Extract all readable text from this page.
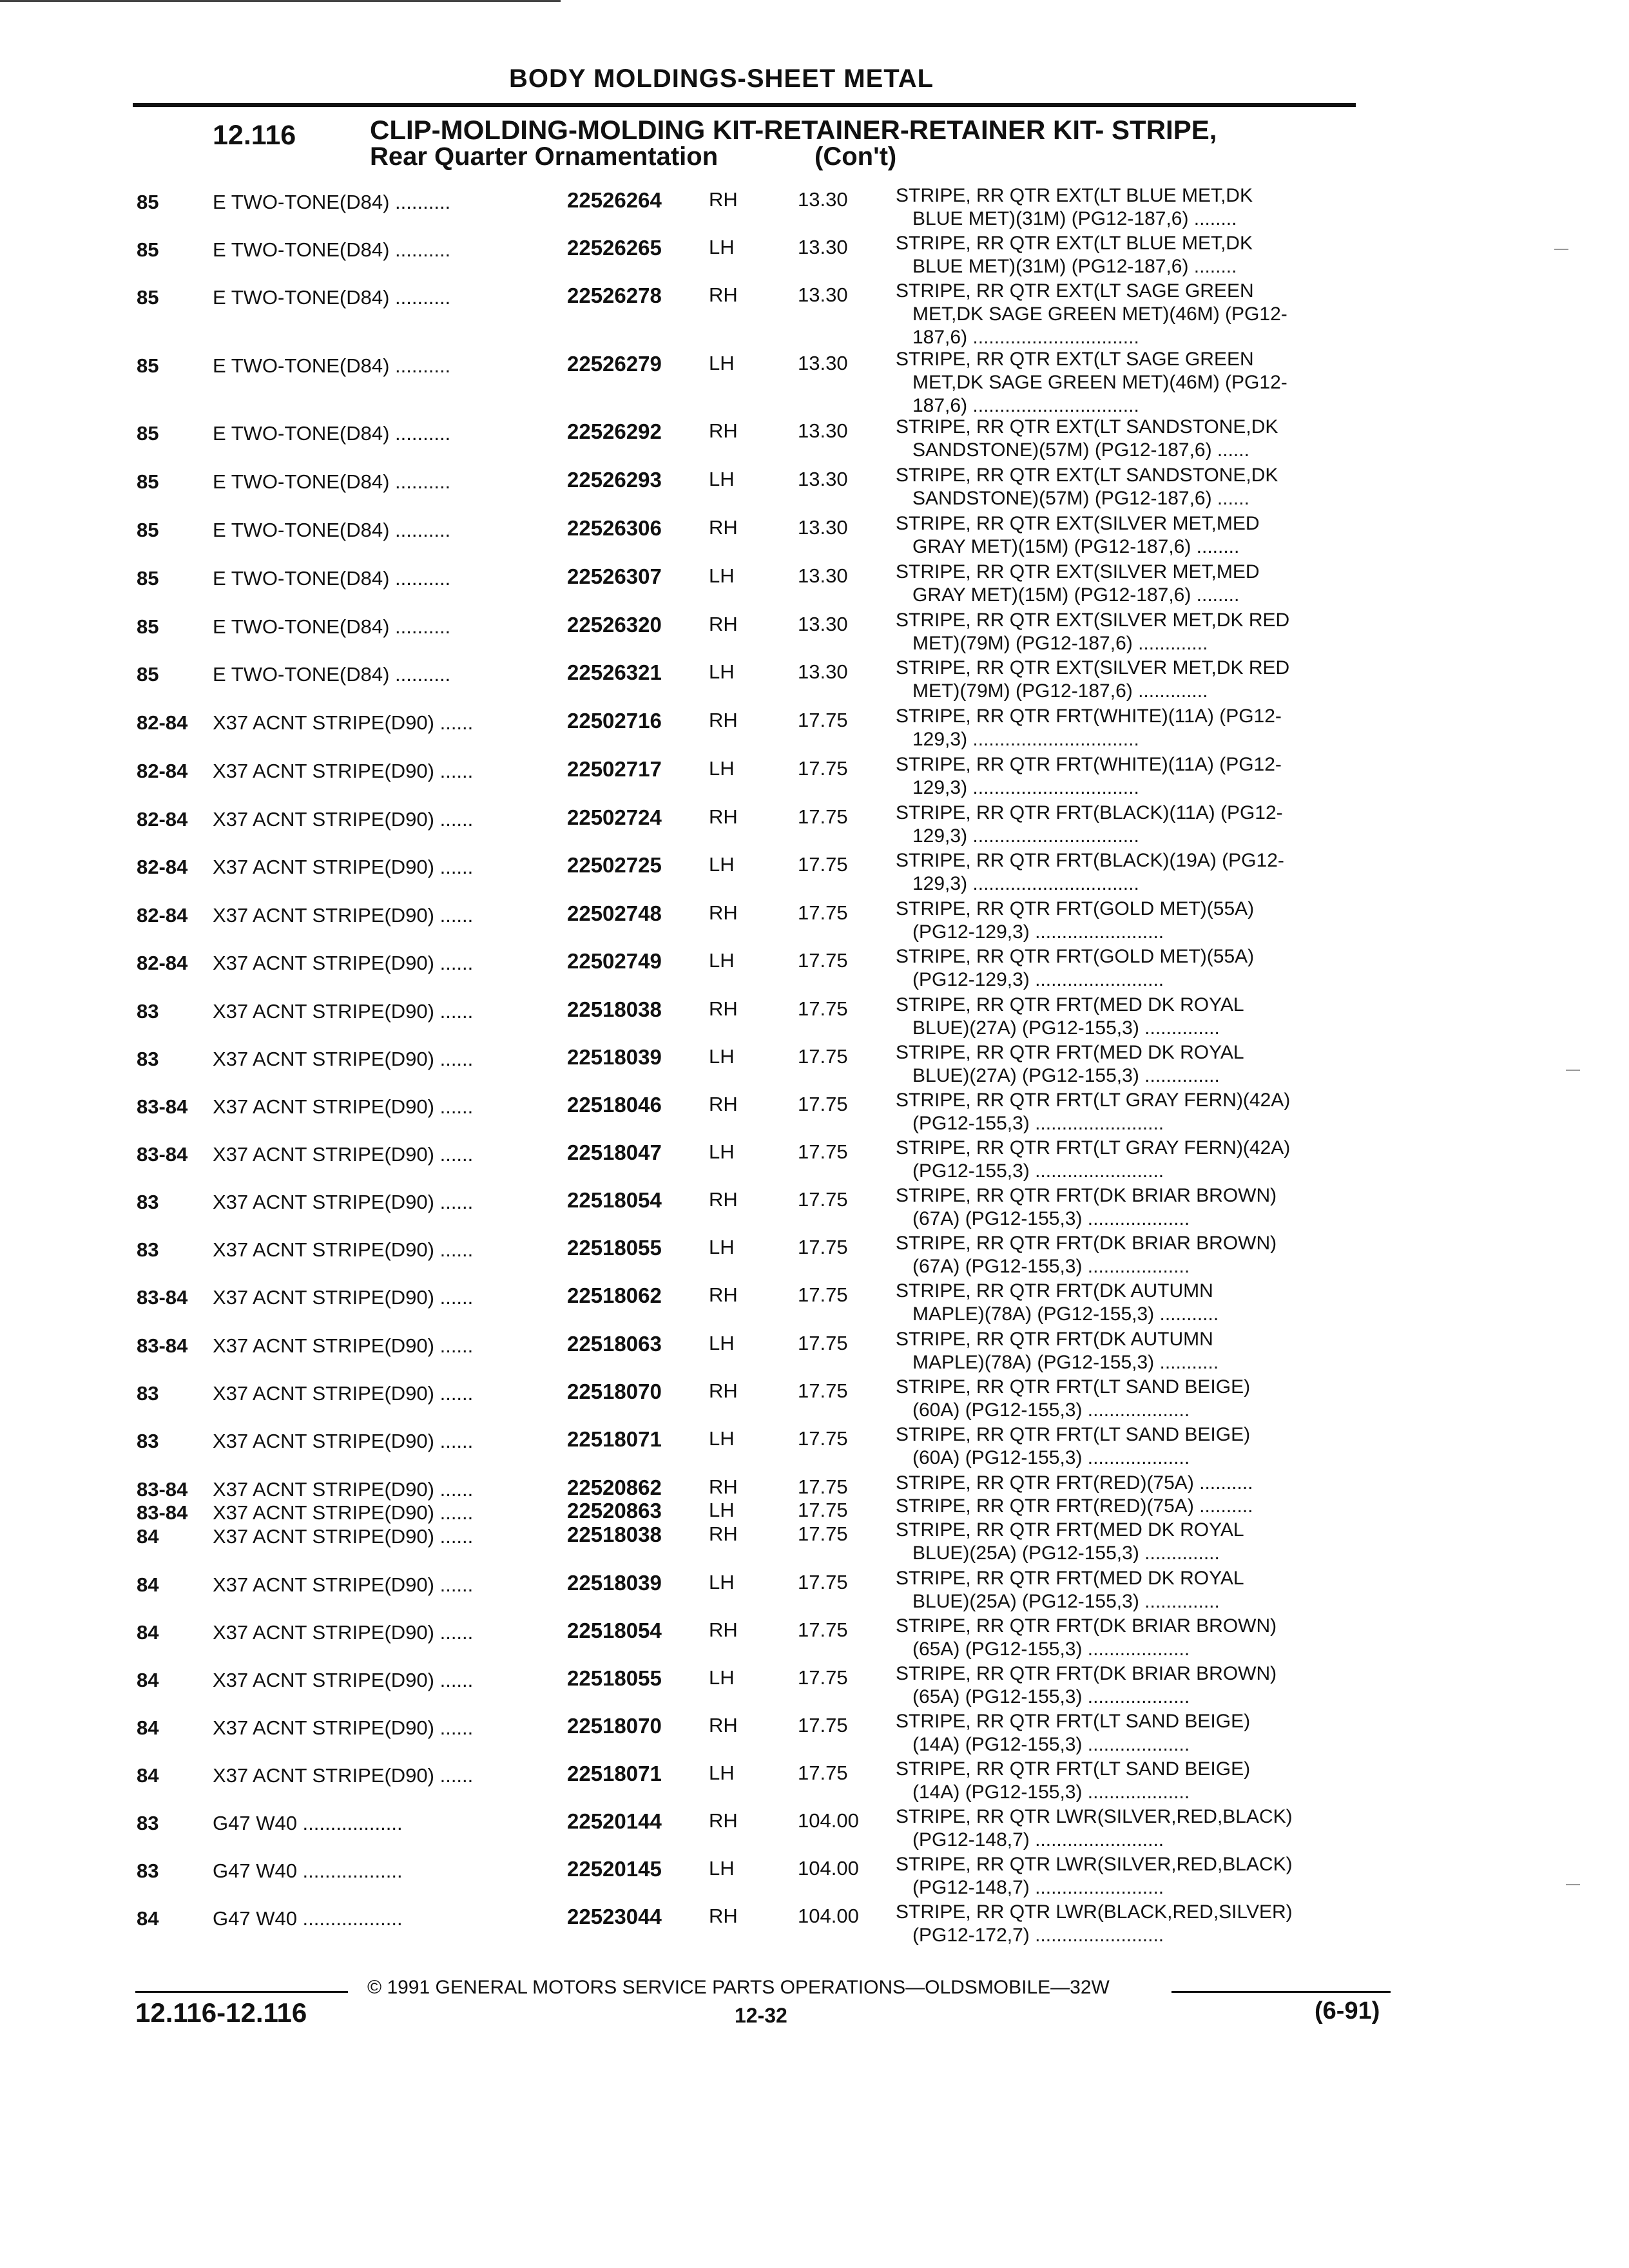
BODY MOLDINGS-SHEET METAL
12.116	CLIP-MOLDING-MOLDING KIT-RETAINER-RETAINER KIT- STRIPE,
Rear Quarter Ornamentation	(Con't)
85	E TWO-TONE(D84) ..........	22526264 RH	13.30 STRIPE, RR QTR EXT(LT BLUE MET,DK
BLUE MET)(31M) (PG12-187,6) ........
85	E TWO-TONE(D84) ..........	22526265 LH	13.30 STRIPE, RR QTR EXT(LT BLUE MET,DK
BLUE MET)(31M) (PG12-187,6) ........
85	E TWO-TONE(D84) ..........	22526278 RH	13.30 STRIPE, RR QTR EXT(LT SAGE GREEN
MET,DK SAGE GREEN MET)(46M) (PG12-
187,6) ...............................
85	E TWO-TONE(D84) ..........	22526279 LH	13.30 STRIPE, RR QTR EXT(LT SAGE GREEN
MET,DK SAGE GREEN MET)(46M) (PG12-
187,6) ...............................
85	E TWO-TONE(D84) ..........	22526292 RH	13.30 STRIPE, RR QTR EXT(LT SANDSTONE,DK
SANDSTONE)(57M) (PG12-187,6) ......
85	E TWO-TONE(D84) ..........	22526293 LH	13.30 STRIPE, RR QTR EXT(LT SANDSTONE,DK
SANDSTONE)(57M) (PG12-187,6) ......
85	E TWO-TONE(D84) ..........	22526306 RH	13.30 STRIPE, RR QTR EXT(SILVER MET,MED
GRAY MET)(15M) (PG12-187,6) ........
85	E TWO-TONE(D84) ..........	22526307 LH	13.30 STRIPE, RR QTR EXT(SILVER MET,MED
GRAY MET)(15M) (PG12-187,6) ........
85	E TWO-TONE(D84) ..........	22526320 RH	13.30 STRIPE, RR QTR EXT(SILVER MET,DK RED
MET)(79M) (PG12-187,6) .............
85	E TWO-TONE(D84) ..........	22526321 LH	13.30 STRIPE, RR QTR EXT(SILVER MET,DK RED
MET)(79M) (PG12-187,6) .............
82-84 X37 ACNT STRIPE(D90) ......	22502716 RH	17.75 STRIPE, RR QTR FRT(WHITE)(11A) (PG12-
129,3) ...............................
82-84 X37 ACNT STRIPE(D90) ......	22502717 LH	17.75 STRIPE, RR QTR FRT(WHITE)(11A) (PG12-
129,3) ...............................
82-84 X37 ACNT STRIPE(D90) ......	22502724 RH	17.75 STRIPE, RR QTR FRT(BLACK)(11A) (PG12-
129,3) ...............................
82-84 X37 ACNT STRIPE(D90) ......	22502725 LH	17.75 STRIPE, RR QTR FRT(BLACK)(19A) (PG12-
129,3) ...............................
82-84 X37 ACNT STRIPE(D90) ......	22502748 RH	17.75 STRIPE, RR QTR FRT(GOLD MET)(55A)
(PG12-129,3) ........................
82-84 X37 ACNT STRIPE(D90) ......	22502749 LH	17.75 STRIPE, RR QTR FRT(GOLD MET)(55A)
(PG12-129,3) ........................
83	X37 ACNT STRIPE(D90) ......	22518038 RH	17.75 STRIPE, RR QTR FRT(MED DK ROYAL
BLUE)(27A) (PG12-155,3) ..............
83	X37 ACNT STRIPE(D90) ......	22518039 LH	17.75 STRIPE, RR QTR FRT(MED DK ROYAL
BLUE)(27A) (PG12-155,3) ..............
83-84 X37 ACNT STRIPE(D90) ......	22518046 RH	17.75 STRIPE, RR QTR FRT(LT GRAY FERN)(42A)
(PG12-155,3) ........................
83-84 X37 ACNT STRIPE(D90) ......	22518047 LH	17.75 STRIPE, RR QTR FRT(LT GRAY FERN)(42A)
(PG12-155,3) ........................
83	X37 ACNT STRIPE(D90) ......	22518054 RH	17.75 STRIPE, RR QTR FRT(DK BRIAR BROWN)
(67A) (PG12-155,3) ...................
83	X37 ACNT STRIPE(D90) ......	22518055 LH	17.75 STRIPE, RR QTR FRT(DK BRIAR BROWN)
(67A) (PG12-155,3) ...................
83-84 X37 ACNT STRIPE(D90) ......	22518062 RH	17.75 STRIPE, RR QTR FRT(DK AUTUMN
MAPLE)(78A) (PG12-155,3) ...........
83-84 X37 ACNT STRIPE(D90) ......	22518063 LH	17.75 STRIPE, RR QTR FRT(DK AUTUMN
MAPLE)(78A) (PG12-155,3) ...........
83	X37 ACNT STRIPE(D90) ......	22518070 RH	17.75 STRIPE, RR QTR FRT(LT SAND BEIGE)
(60A) (PG12-155,3) ...................
83	X37 ACNT STRIPE(D90) ......	22518071 LH	17.75 STRIPE, RR QTR FRT(LT SAND BEIGE)
(60A) (PG12-155,3) ...................
83-84 X37 ACNT STRIPE(D90) ......	22520862 RH	17.75 STRIPE, RR QTR FRT(RED)(75A) ..........
83-84 X37 ACNT STRIPE(D90) ......	22520863 LH	17.75 STRIPE, RR QTR FRT(RED)(75A) ..........
84	X37 ACNT STRIPE(D90) ......	22518038 RH	17.75 STRIPE, RR QTR FRT(MED DK ROYAL
BLUE)(25A) (PG12-155,3) ..............
84	X37 ACNT STRIPE(D90) ......	22518039 LH	17.75 STRIPE, RR QTR FRT(MED DK ROYAL
BLUE)(25A) (PG12-155,3) ..............
84	X37 ACNT STRIPE(D90) ......	22518054 RH	17.75 STRIPE, RR QTR FRT(DK BRIAR BROWN)
(65A) (PG12-155,3) ...................
84	X37 ACNT STRIPE(D90) ......	22518055 LH	17.75 STRIPE, RR QTR FRT(DK BRIAR BROWN)
(65A) (PG12-155,3) ...................
84	X37 ACNT STRIPE(D90) ......	22518070 RH	17.75 STRIPE, RR QTR FRT(LT SAND BEIGE)
(14A) (PG12-155,3) ...................
84	X37 ACNT STRIPE(D90) ......	22518071 LH	17.75 STRIPE, RR QTR FRT(LT SAND BEIGE)
(14A) (PG12-155,3) ...................
83	G47 W40 ..................	22520144 RH	104.00 STRIPE, RR QTR LWR(SILVER,RED,BLACK)
(PG12-148,7) ........................
83	G47 W40 ..................	22520145 LH	104.00 STRIPE, RR QTR LWR(SILVER,RED,BLACK)
(PG12-148,7) ........................
84	G47 W40 ..................	22523044 RH	104.00 STRIPE, RR QTR LWR(BLACK,RED,SILVER)
(PG12-172,7) ........................
© 1991 GENERAL MOTORS SERVICE PARTS OPERATIONS—OLDSMOBILE—32W
12.116-12.116	12-32	(6-91)
